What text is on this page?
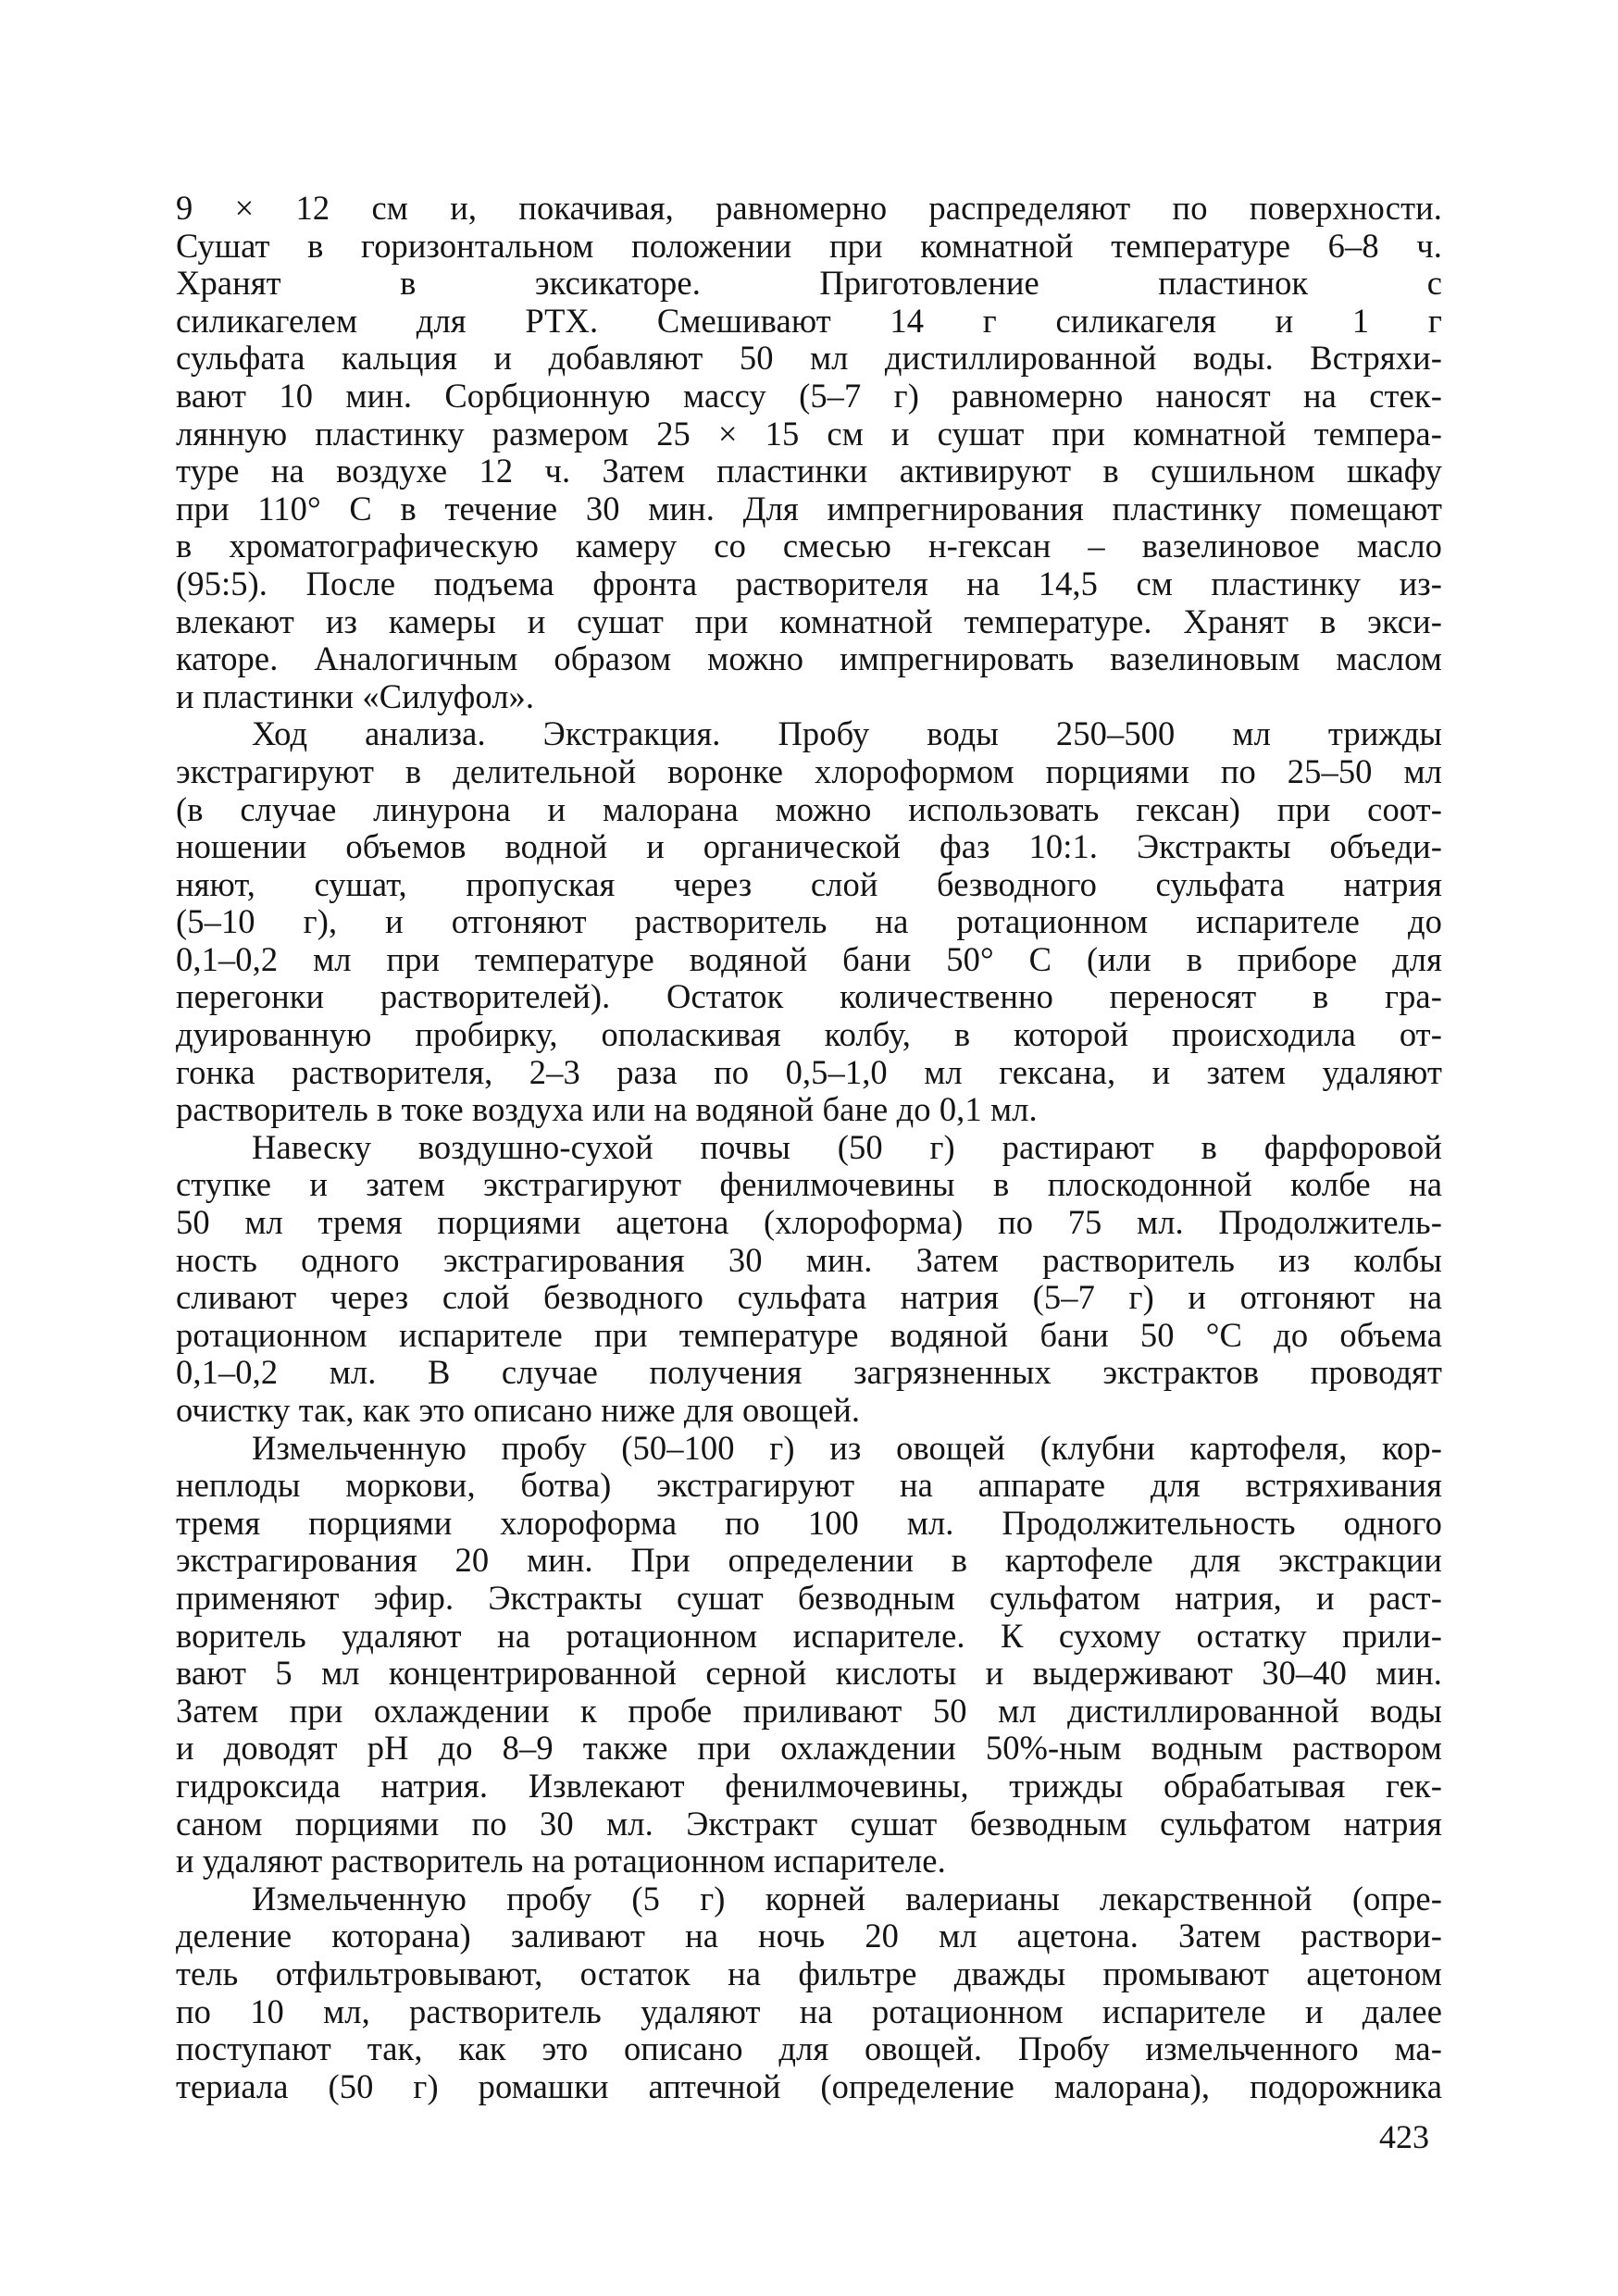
9 × 12 см и, покачивая, равномерно распределяют по поверхности.
Сушат в горизонтальном положении при комнатной температуре 6–8 ч.
Хранят в эксикаторе. Приготовление пластинок с
силикагелем для РТХ. Смешивают 14 г силикагеля и 1 г
сульфата кальция и добавляют 50 мл дистиллированной воды. Встряхи-
вают 10 мин. Сорбционную массу (5–7 г) равномерно наносят на стек-
лянную пластинку размером 25 × 15 см и сушат при комнатной темпера-
туре на воздухе 12 ч. Затем пластинки активируют в сушильном шкафу
при 110° С в течение 30 мин. Для импрегнирования пластинку помещают
в хроматографическую камеру со смесью н-гексан – вазелиновое масло
(95:5). После подъема фронта растворителя на 14,5 см пластинку из-
влекают из камеры и сушат при комнатной температуре. Хранят в экси-
каторе. Аналогичным образом можно импрегнировать вазелиновым маслом
и пластинки «Силуфол».
Ход анализа. Экстракция. Пробу воды 250–500 мл трижды
экстрагируют в делительной воронке хлороформом порциями по 25–50 мл
(в случае линурона и малорана можно использовать гексан) при соот-
ношении объемов водной и органической фаз 10:1. Экстракты объеди-
няют, сушат, пропуская через слой безводного сульфата натрия
(5–10 г), и отгоняют растворитель на ротационном испарителе до
0,1–0,2 мл при температуре водяной бани 50° С (или в приборе для
перегонки растворителей). Остаток количественно переносят в гра-
дуированную пробирку, ополаскивая колбу, в которой происходила от-
гонка растворителя, 2–3 раза по 0,5–1,0 мл гексана, и затем удаляют
растворитель в токе воздуха или на водяной бане до 0,1 мл.
Навеску воздушно-сухой почвы (50 г) растирают в фарфоровой
ступке и затем экстрагируют фенилмочевины в плоскодонной колбе на
50 мл тремя порциями ацетона (хлороформа) по 75 мл. Продолжитель-
ность одного экстрагирования 30 мин. Затем растворитель из колбы
сливают через слой безводного сульфата натрия (5–7 г) и отгоняют на
ротационном испарителе при температуре водяной бани 50 °С до объема
0,1–0,2 мл. В случае получения загрязненных экстрактов проводят
очистку так, как это описано ниже для овощей.
Измельченную пробу (50–100 г) из овощей (клубни картофеля, кор-
неплоды моркови, ботва) экстрагируют на аппарате для встряхивания
тремя порциями хлороформа по 100 мл. Продолжительность одного
экстрагирования 20 мин. При определении в картофеле для экстракции
применяют эфир. Экстракты сушат безводным сульфатом натрия, и раст-
воритель удаляют на ротационном испарителе. К сухому остатку прили-
вают 5 мл концентрированной серной кислоты и выдерживают 30–40 мин.
Затем при охлаждении к пробе приливают 50 мл дистиллированной воды
и доводят pH до 8–9 также при охлаждении 50%-ным водным раствором
гидроксида натрия. Извлекают фенилмочевины, трижды обрабатывая гек-
саном порциями по 30 мл. Экстракт сушат безводным сульфатом натрия
и удаляют растворитель на ротационном испарителе.
Измельченную пробу (5 г) корней валерианы лекарственной (опре-
деление которана) заливают на ночь 20 мл ацетона. Затем раствори-
тель отфильтровывают, остаток на фильтре дважды промывают ацетоном
по 10 мл, растворитель удаляют на ротационном испарителе и далее
поступают так, как это описано для овощей. Пробу измельченного ма-
териала (50 г) ромашки аптечной (определение малорана), подорожника
423
